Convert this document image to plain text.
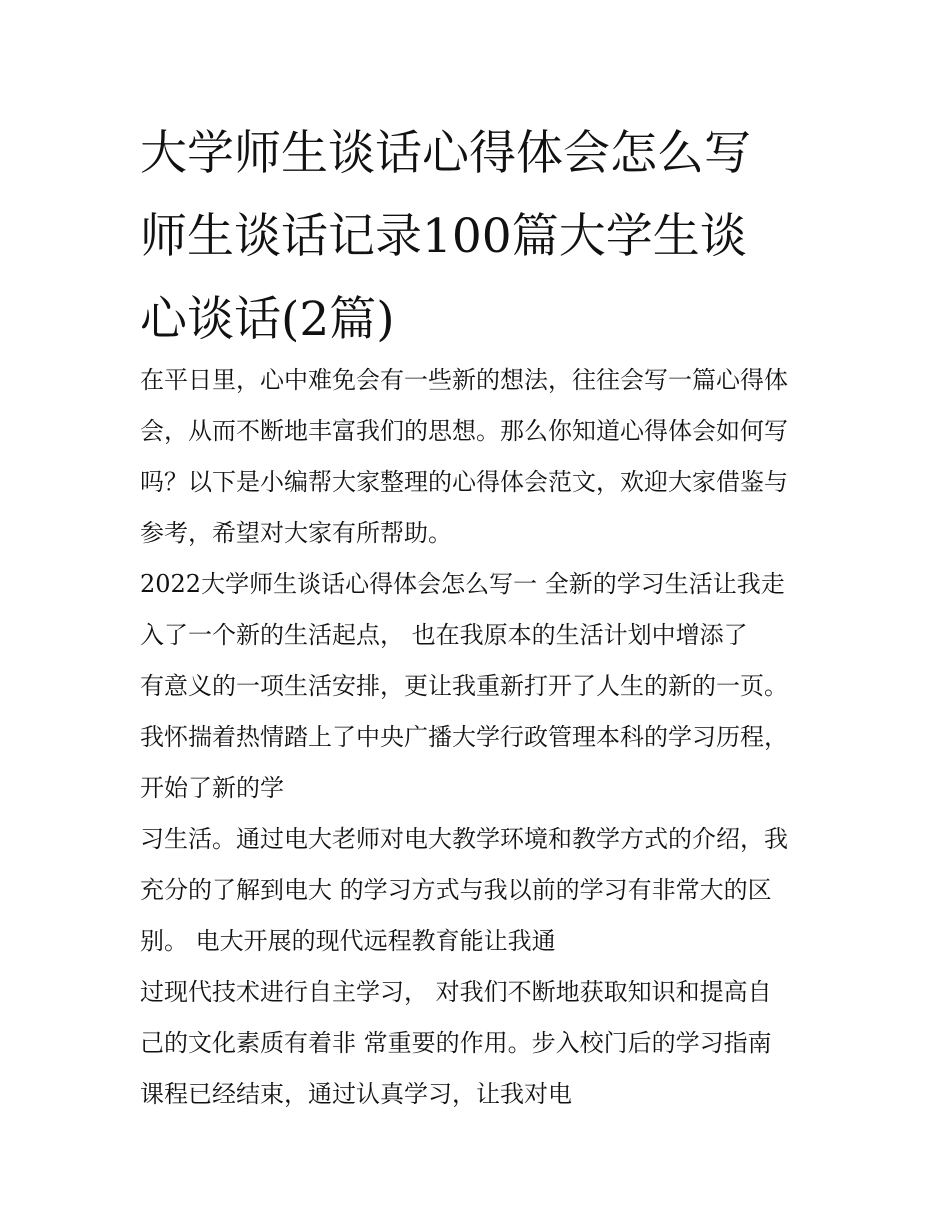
大学师生谈话心得体会怎么写
师生谈话记录100篇大学生谈
心谈话(2篇)
在平日里，心中难免会有一些新的想法，往往会写一篇心得体
会，从而不断地丰富我们的思想。那么你知道心得体会如何写
吗？以下是小编帮大家整理的心得体会范文，欢迎大家借鉴与
参考，希望对大家有所帮助。
2022大学师生谈话心得体会怎么写一 全新的学习生活让我走
入了一个新的生活起点， 也在我原本的生活计划中增添了
有意义的一项生活安排，更让我重新打开了人生的新的一页。
我怀揣着热情踏上了中央广播大学行政管理本科的学习历程，
开始了新的学
习生活。通过电大老师对电大教学环境和教学方式的介绍，我
充分的了解到电大 的学习方式与我以前的学习有非常大的区
别。 电大开展的现代远程教育能让我通
过现代技术进行自主学习， 对我们不断地获取知识和提高自
己的文化素质有着非 常重要的作用。步入校门后的学习指南
课程已经结束，通过认真学习，让我对电
